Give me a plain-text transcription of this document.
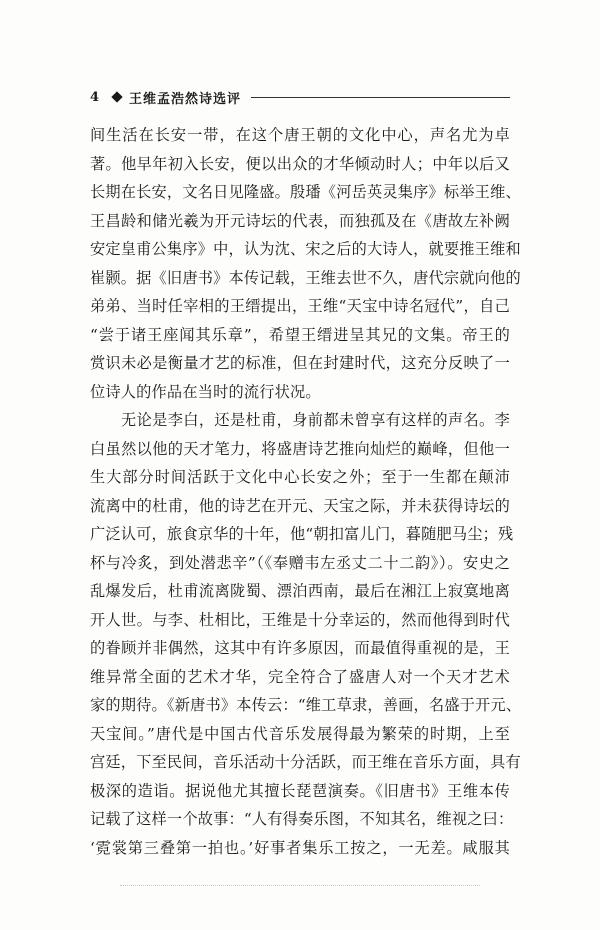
4 王维孟浩然诗选评
间生活在长安一带，在这个唐王朝的文化中心，声名尤为卓
著。他早年初入长安，便以出众的才华倾动时人；中年以后又
长期在长安，文名日见隆盛。殷璠《河岳英灵集序》标举王维、
王昌龄和储光羲为开元诗坛的代表，而独孤及在《唐故左补阙
安定皇甫公集序》中，认为沈、宋之后的大诗人，就要推王维和
崔颢。据《旧唐书》本传记载，王维去世不久，唐代宗就向他的
弟弟、当时任宰相的王缙提出，王维“天宝中诗名冠代”，自己
“尝于诸王座闻其乐章”，希望王缙进呈其兄的文集。帝王的
赏识未必是衡量才艺的标准，但在封建时代，这充分反映了一
位诗人的作品在当时的流行状况。
无论是李白，还是杜甫，身前都未曾享有这样的声名。李
白虽然以他的天才笔力，将盛唐诗艺推向灿烂的巅峰，但他一
生大部分时间活跃于文化中心长安之外；至于一生都在颠沛
流离中的杜甫，他的诗艺在开元、天宝之际，并未获得诗坛的
广泛认可，旅食京华的十年，他“朝扣富儿门，暮随肥马尘；残
杯与冷炙，到处潜悲辛”（《奉赠韦左丞丈二十二韵》）。安史之
乱爆发后，杜甫流离陇蜀、漂泊西南，最后在湘江上寂寞地离
开人世。与李、杜相比，王维是十分幸运的，然而他得到时代
的眷顾并非偶然，这其中有许多原因，而最值得重视的是，王
维异常全面的艺术才华，完全符合了盛唐人对一个天才艺术
家的期待。《新唐书》本传云：“维工草隶，善画，名盛于开元、
天宝间。”唐代是中国古代音乐发展得最为繁荣的时期，上至
宫廷，下至民间，音乐活动十分活跃，而王维在音乐方面，具有
极深的造诣。据说他尤其擅长琵琶演奏。《旧唐书》王维本传
记载了这样一个故事：“人有得奏乐图，不知其名，维视之曰：
‘霓裳第三叠第一拍也。’好事者集乐工按之，一无差。咸服其
